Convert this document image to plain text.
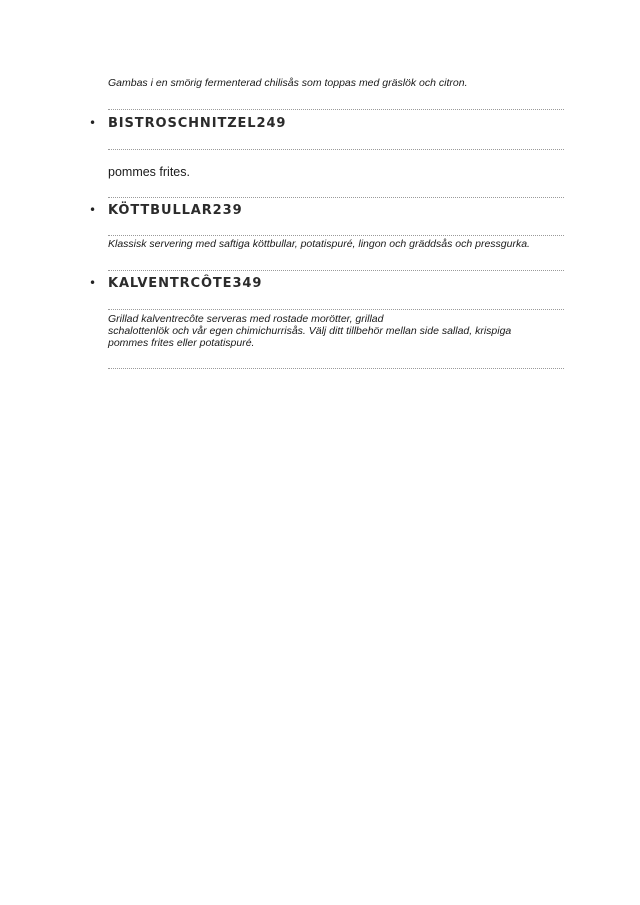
Gambas i en smörig fermenterad chilisås som toppas med gräslök och citron.
• BISTROSCHNITZEL249
pommes frites.
• KÖTTBULLAR239
Klassisk servering med saftiga köttbullar, potatispuré, lingon och gräddsås och pressgurka.
• KALVENTRCÔTE349
Grillad kalventrecôte serveras med rostade morötter, grillad
schalottenlök och vår egen chimichurrisås. Välj ditt tillbehör mellan side sallad, krispiga
pommes frites eller potatispuré.
